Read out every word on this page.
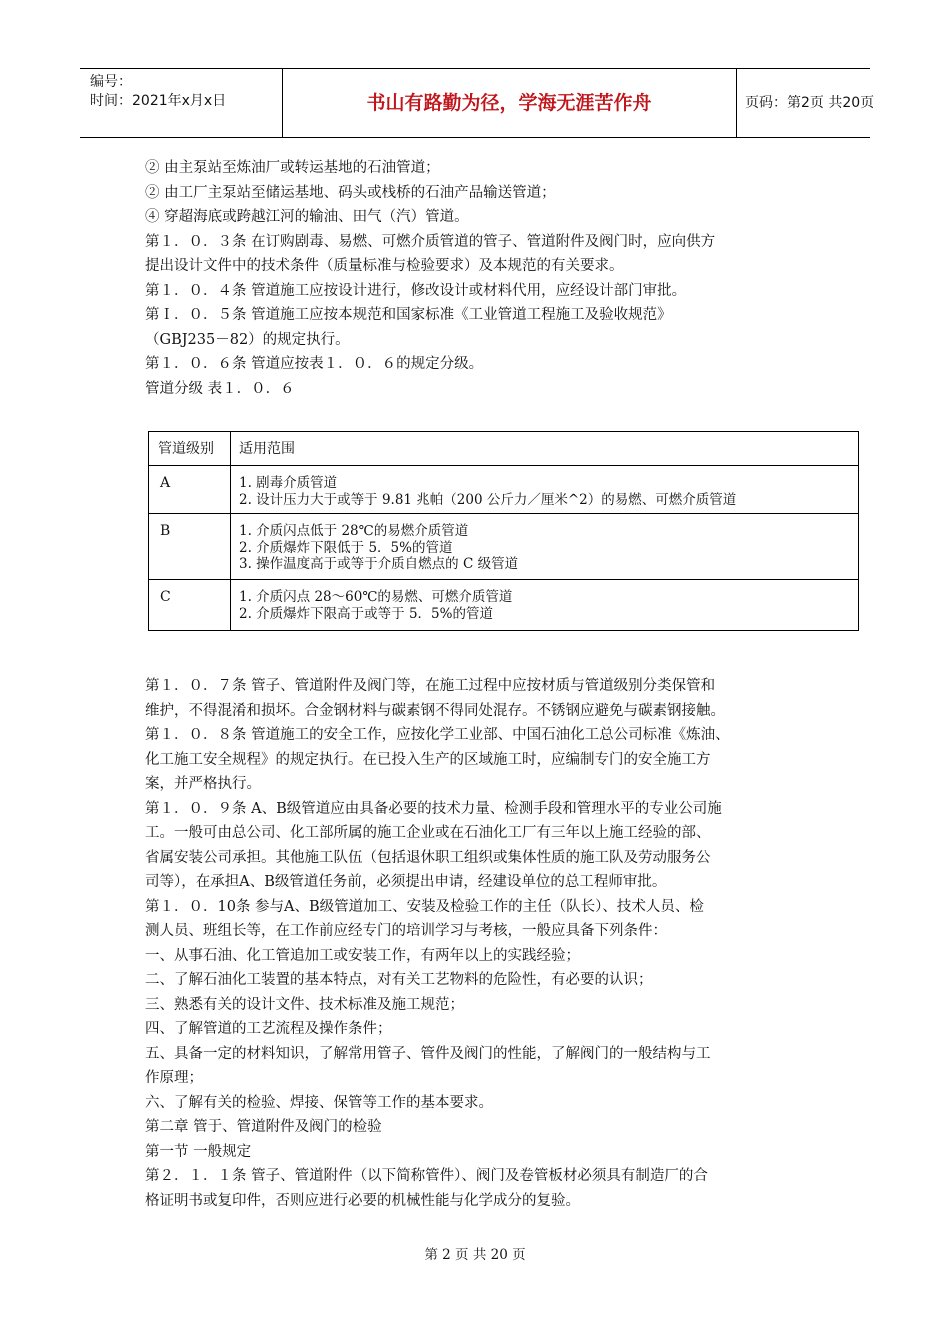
编号：
时间：2021年x月x日	书山有路勤为径，学海无涯苦作舟	页码：第2页 共20页
② 由主泵站至炼油厂或转运基地的石油管道；
② 由工厂主泵站至储运基地、码头或栈桥的石油产品输送管道；
④ 穿超海底或跨越江河的输油、田气（汽）管道。
第１．０．３条 在订购剧毒、易燃、可燃介质管道的管子、管道附件及阀门时，应向供方
提出设计文件中的技术条件（质量标准与检验要求）及本规范的有关要求。
第１．０．４条 管道施工应按设计进行，修改设计或材料代用，应经设计部门审批。
第Ｉ．０．５条 管道施工应按本规范和国家标准《工业管道工程施工及验收规范》
（GBJ235－82）的规定执行。
第１．０．６条 管道应按表１．０．６的规定分级。
管道分级 表１．０．６
管道级别 适用范围
A	1. 剧毒介质管道
2. 设计压力大于或等于 9.81 兆帕（200 公斤力／厘米^2）的易燃、可燃介质管道
B	1. 介质闪点低于 28℃的易燃介质管道
2. 介质爆炸下限低于 5．5%的管道
3. 操作温度高于或等于介质自燃点的 C 级管道
C	1. 介质闪点 28～60℃的易燃、可燃介质管道
2. 介质爆炸下限高于或等于 5．5%的管道
第１．０．７条 管子、管道附件及阀门等，在施工过程中应按材质与管道级别分类保管和
维护，不得混淆和损坏。合金钢材料与碳素钢不得同处混存。不锈钢应避免与碳素钢接触。
第１．０．８条 管道施工的安全工作，应按化学工业部、中国石油化工总公司标准《炼油、
化工施工安全规程》的规定执行。在已投入生产的区域施工时，应编制专门的安全施工方
案，并严格执行。
第１．０．９条 A、B级管道应由具备必要的技术力量、检测手段和管理水平的专业公司施
工。一般可由总公司、化工部所属的施工企业或在石油化工厂有三年以上施工经验的部、
省属安装公司承担。其他施工队伍（包括退休职工组织或集体性质的施工队及劳动服务公
司等），在承担A、B级管道任务前，必须提出申请，经建设单位的总工程师审批。
第１．０．10条 参与A、B级管道加工、安装及检验工作的主任（队长）、技术人员、检
测人员、班组长等，在工作前应经专门的培训学习与考核，一般应具备下列条件：
一、从事石油、化工管追加工或安装工作，有两年以上的实践经验；
二、了解石油化工装置的基本特点，对有关工艺物料的危险性，有必要的认识；
三、熟悉有关的设计文件、技术标准及施工规范；
四、了解管道的工艺流程及操作条件；
五、具备一定的材料知识，了解常用管子、管件及阀门的性能，了解阀门的一般结构与工
作原理；
六、了解有关的检验、焊接、保管等工作的基本要求。
第二章 管于、管道附件及阀门的检验
第一节 一般规定
第２．１．１条 管子、管道附件（以下简称管件）、阀门及卷管板材必须具有制造厂的合
格证明书或复印件，否则应进行必要的机械性能与化学成分的复验。
第 2 页 共 20 页
